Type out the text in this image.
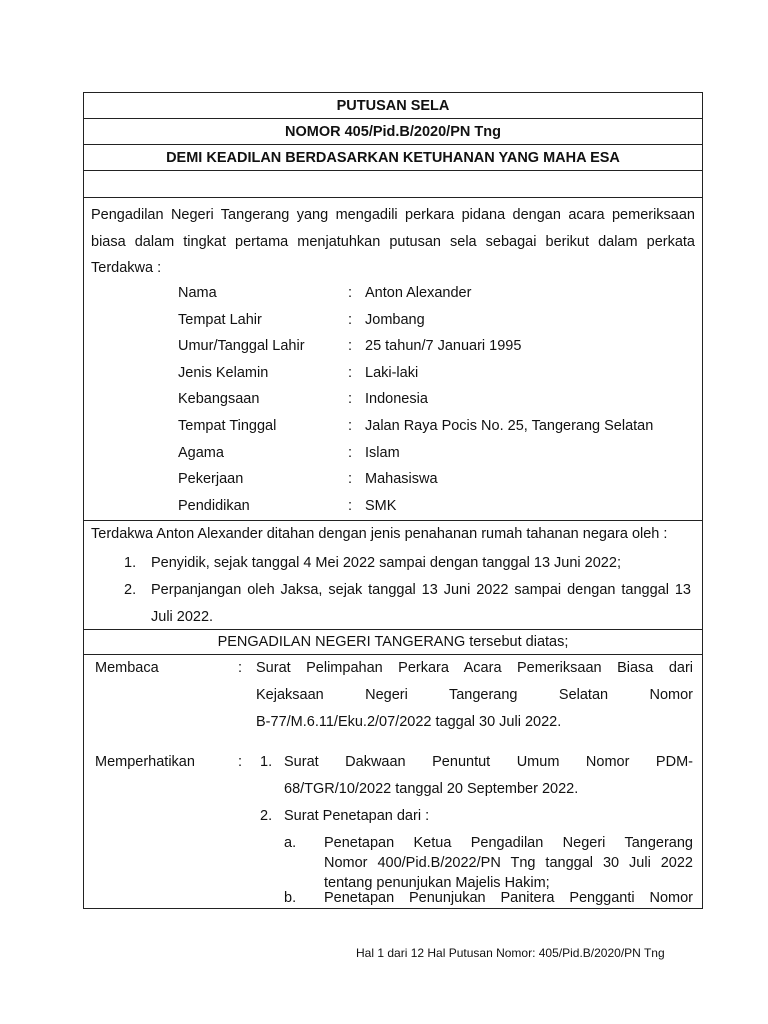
PUTUSAN SELA
NOMOR 405/Pid.B/2020/PN Tng
DEMI KEADILAN BERDASARKAN KETUHANAN YANG MAHA ESA

Pengadilan Negeri Tangerang yang mengadili perkara pidana dengan acara pemeriksaan

biasa dalam tingkat pertama menjatuhkan putusan sela sebagai berikut dalam perkata

Terdakwa :

Nama	: Anton Alexander
Tempat Lahir	: Jombang
Umur/Tanggal Lahir	: 25 tahun/7 Januari 1995
Jenis Kelamin	: Laki-laki
Kebangsaan	: Indonesia
Tempat Tinggal	: Jalan Raya Pocis No. 25, Tangerang Selatan
Agama	: Islam
Pekerjaan	: Mahasiswa
Pendidikan	: SMK
Terdakwa Anton Alexander ditahan dengan jenis penahanan rumah tahanan negara oleh :
1.	Penyidik, sejak tanggal 4 Mei 2022 sampai dengan tanggal 13 Juni 2022;
2.	Perpanjangan oleh Jaksa, sejak tanggal 13 Juni 2022 sampai dengan tanggal 13
Juli 2022.
PENGADILAN NEGERI TANGERANG tersebut diatas;
Membaca	: Surat Pelimpahan Perkara Acara Pemeriksaan Biasa dari
Kejaksaan Negeri Tangerang Selatan Nomor
B-77/M.6.11/Eku.2/07/2022 taggal 30 Juli 2022.
Memperhatikan	: 1. Surat Dakwaan Penuntut Umum Nomor PDM-
68/TGR/10/2022 tanggal 20 September 2022.
2. Surat Penetapan dari :
a. Penetapan Ketua Pengadilan Negeri Tangerang
Nomor 400/Pid.B/2022/PN Tng tanggal 30 Juli 2022
tentang penunjukan Majelis Hakim;
b. Penetapan Penunjukan Panitera Pengganti Nomor
Hal 1 dari 12 Hal Putusan Nomor: 405/Pid.B/2020/PN Tng
